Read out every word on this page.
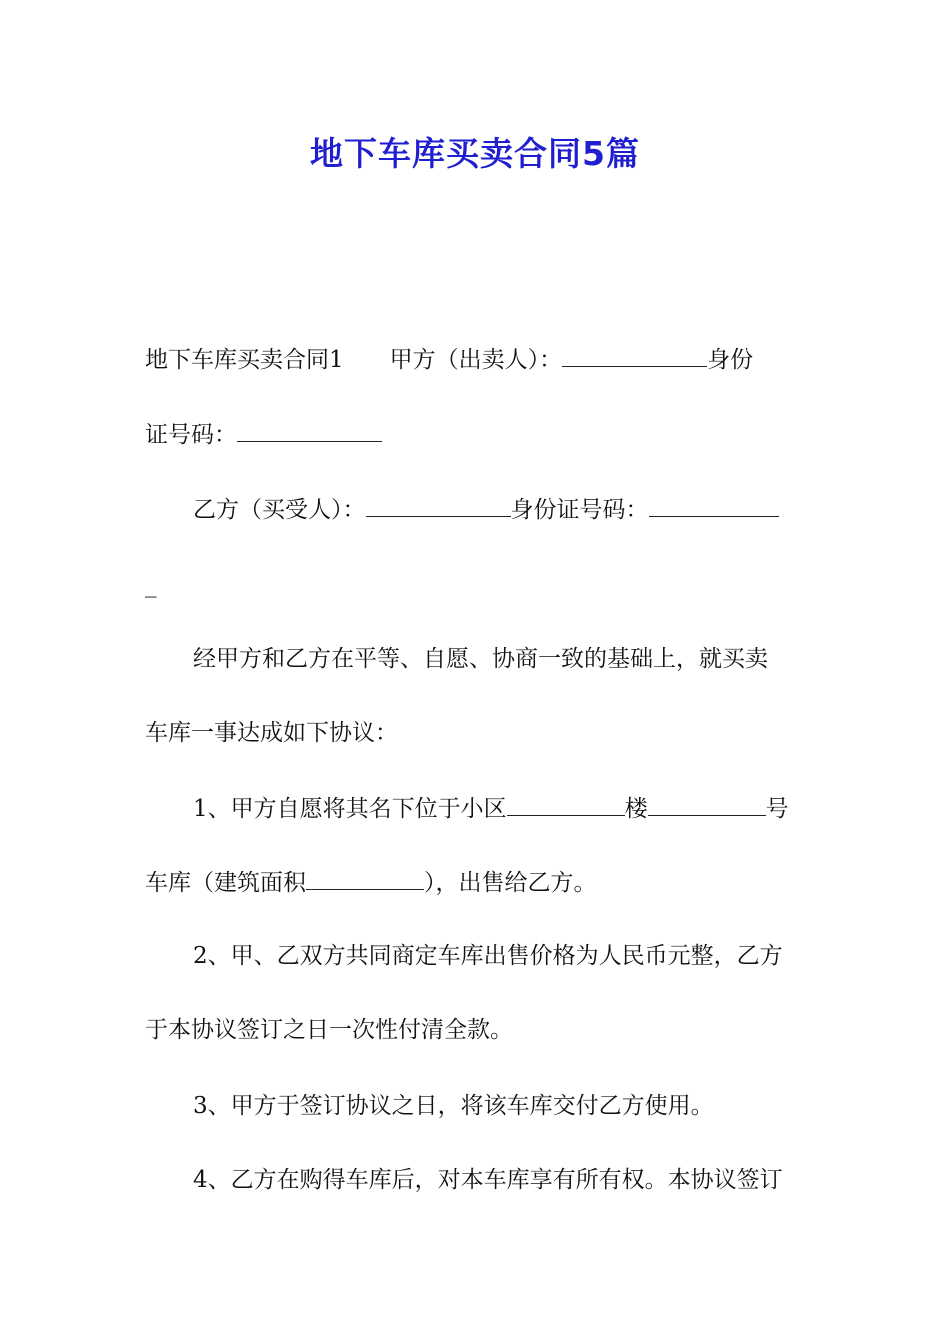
地下车库买卖合同5篇
地下车库买卖合同1 甲方（出卖人）：	身份
证号码：
乙方（买受人）：	身份证号码：
_
经甲方和乙方在平等、自愿、协商一致的基础上，就买卖
车库一事达成如下协议：
1、甲方自愿将其名下位于小区	楼	号
车库（建筑面积	），出售给乙方。
2、甲、乙双方共同商定车库出售价格为人民币元整，乙方
于本协议签订之日一次性付清全款。
3、甲方于签订协议之日，将该车库交付乙方使用。
4、乙方在购得车库后，对本车库享有所有权。本协议签订
